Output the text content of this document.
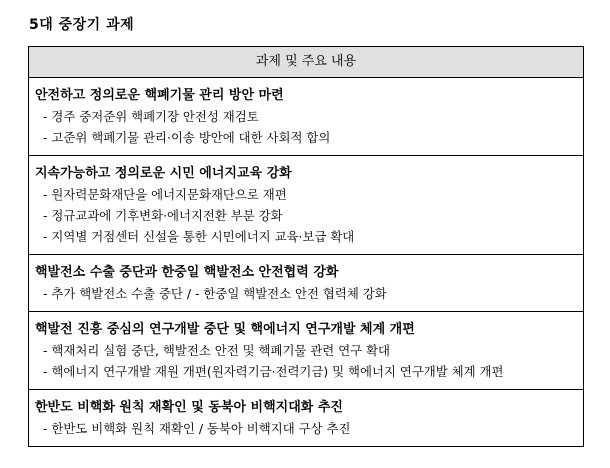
5대 중장기 과제
과제 및 주요 내용
안전하고 정의로운 핵폐기물 관리 방안 마련
- 경주 중저준위 핵폐기장 안전성 재검토
- 고준위 핵폐기물 관리·이송 방안에 대한 사회적 합의
지속가능하고 정의로운 시민 에너지교육 강화
- 원자력문화재단을 에너지문화재단으로 재편
- 정규교과에 기후변화·에너지전환 부분 강화
- 지역별 거점센터 신설을 통한 시민에너지 교육·보급 확대
핵발전소 수출 중단과 한중일 핵발전소 안전협력 강화
- 추가 핵발전소 수출 중단 / - 한중일 핵발전소 안전 협력체 강화
핵발전 진흥 중심의 연구개발 중단 및 핵에너지 연구개발 체계 개편
- 핵재처리 실험 중단, 핵발전소 안전 및 핵폐기물 관련 연구 확대
- 핵에너지 연구개발 재원 개편(원자력기금·전력기금) 및 핵에너지 연구개발 체계 개편
한반도 비핵화 원칙 재확인 및 동북아 비핵지대화 추진
- 한반도 비핵화 원칙 재확인 / 동북아 비핵지대 구상 추진
